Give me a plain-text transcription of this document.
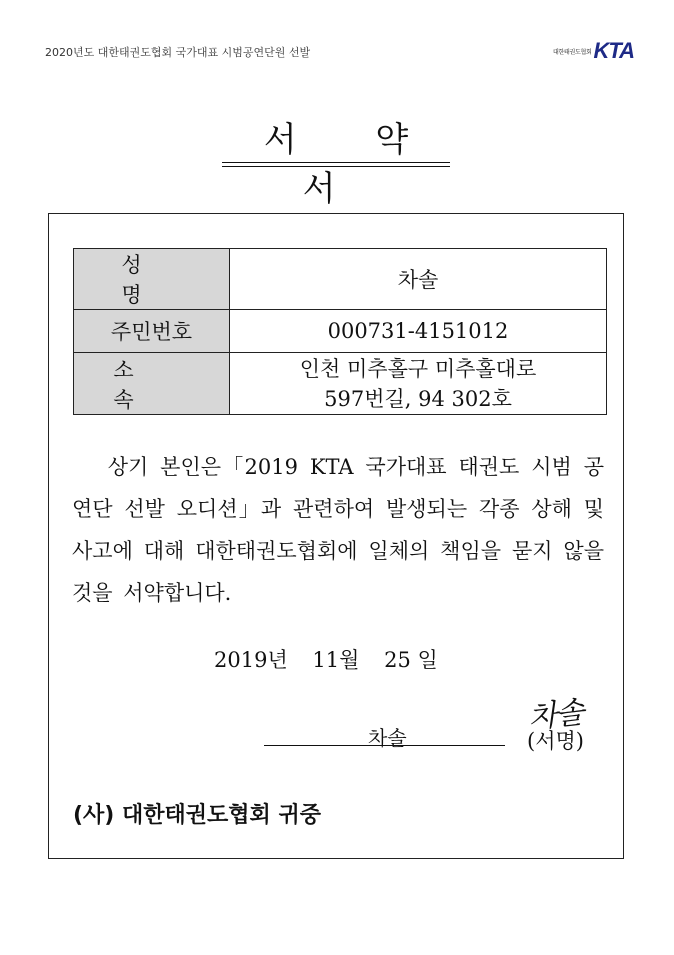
2020년도 대한태권도협회 국가대표 시범공연단원 선발	대한태권도협회 KTA
서 약 서
성 명	차솔
주민번호	000731-4151012
소 속	인천 미추홀구 미추홀대로
597번길, 94 302호
상기 본인은「2019 KTA 국가대표 태권도 시범 공연단 선발 오디션」과 관련하여 발생되는 각종 상해 및 사고에 대해 대한태권도협회에 일체의 책임을 묻지 않을 것을 서약합니다.
2019년 11월 25 일
차솔
차솔
(서명)
(사) 대한태권도협회 귀중
